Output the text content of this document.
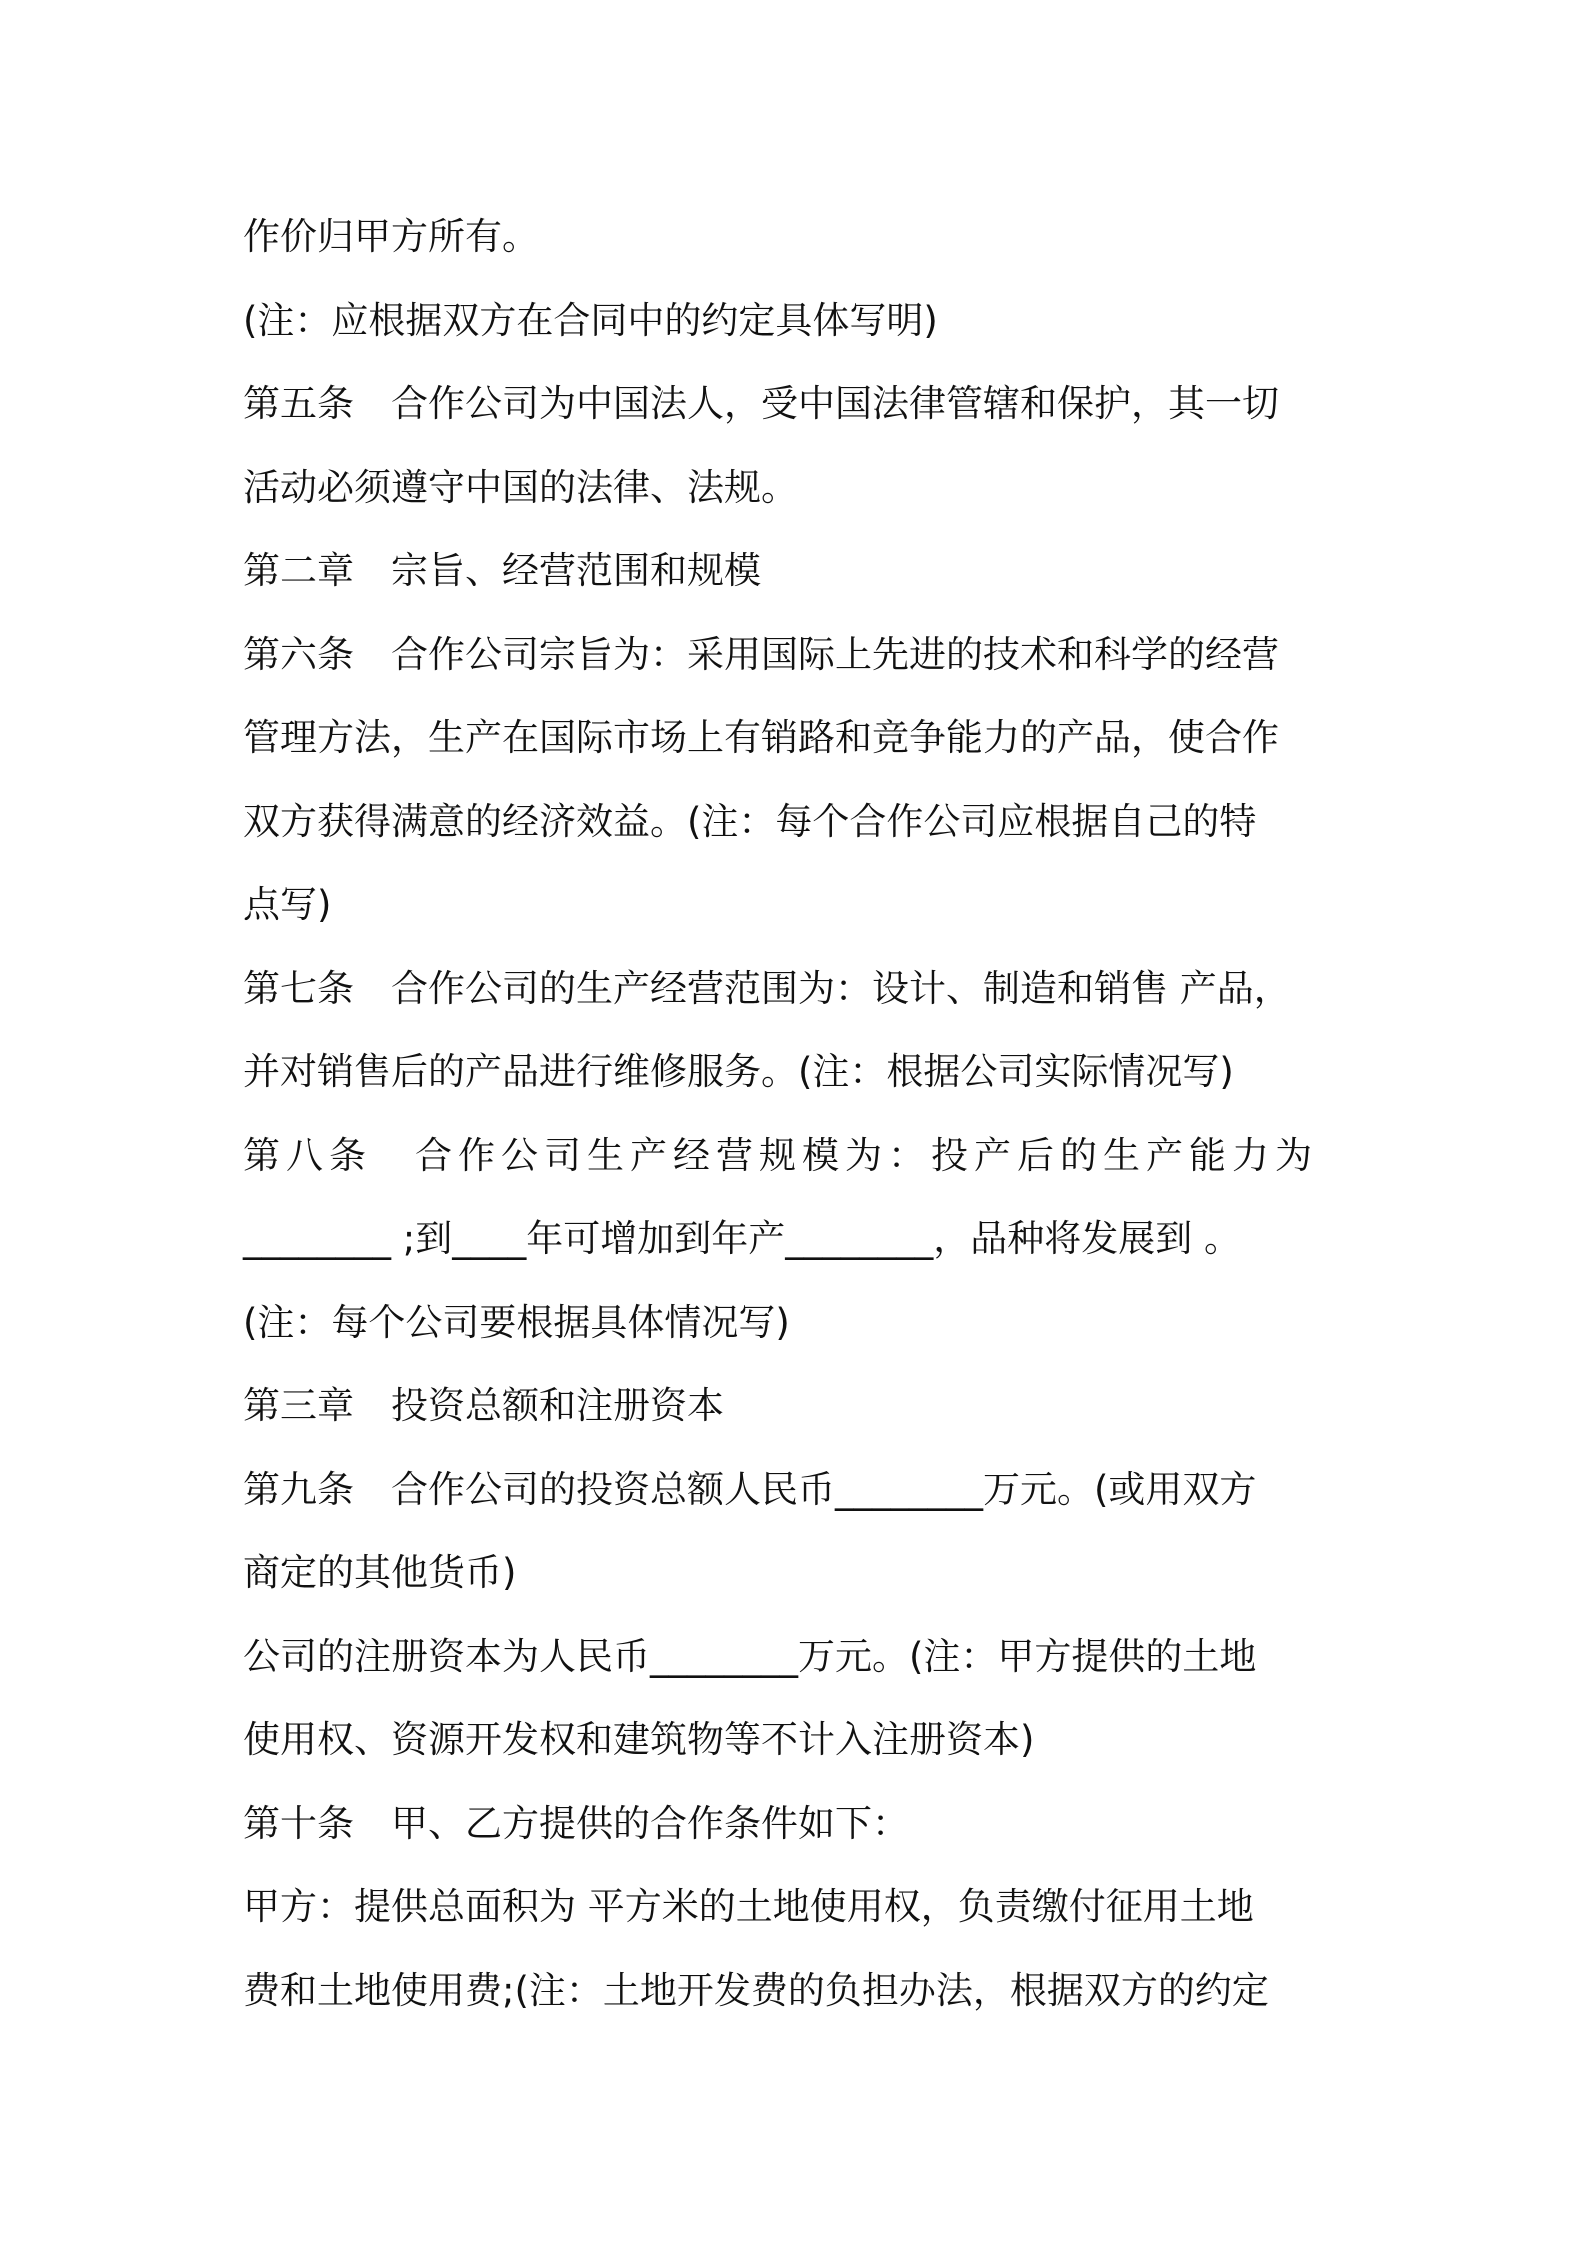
作价归甲方所有。
(注：应根据双方在合同中的约定具体写明)
第五条　合作公司为中国法人，受中国法律管辖和保护，其一切
活动必须遵守中国的法律、法规。
第二章　宗旨、经营范围和规模
第六条　合作公司宗旨为：采用国际上先进的技术和科学的经营
管理方法，生产在国际市场上有销路和竞争能力的产品，使合作
双方获得满意的经济效益。(注：每个合作公司应根据自己的特
点写)
第七条　合作公司的生产经营范围为：设计、制造和销售 产品，
并对销售后的产品进行维修服务。(注：根据公司实际情况写)
第八条　合作公司生产经营规模为：投产后的生产能力为
________ ;到____年可增加到年产________，品种将发展到 。
(注：每个公司要根据具体情况写)
第三章　投资总额和注册资本
第九条　合作公司的投资总额人民币________万元。(或用双方
商定的其他货币)
公司的注册资本为人民币________万元。(注：甲方提供的土地
使用权、资源开发权和建筑物等不计入注册资本)
第十条　甲、乙方提供的合作条件如下：
甲方：提供总面积为 平方米的土地使用权，负责缴付征用土地
费和土地使用费;(注：土地开发费的负担办法，根据双方的约定
